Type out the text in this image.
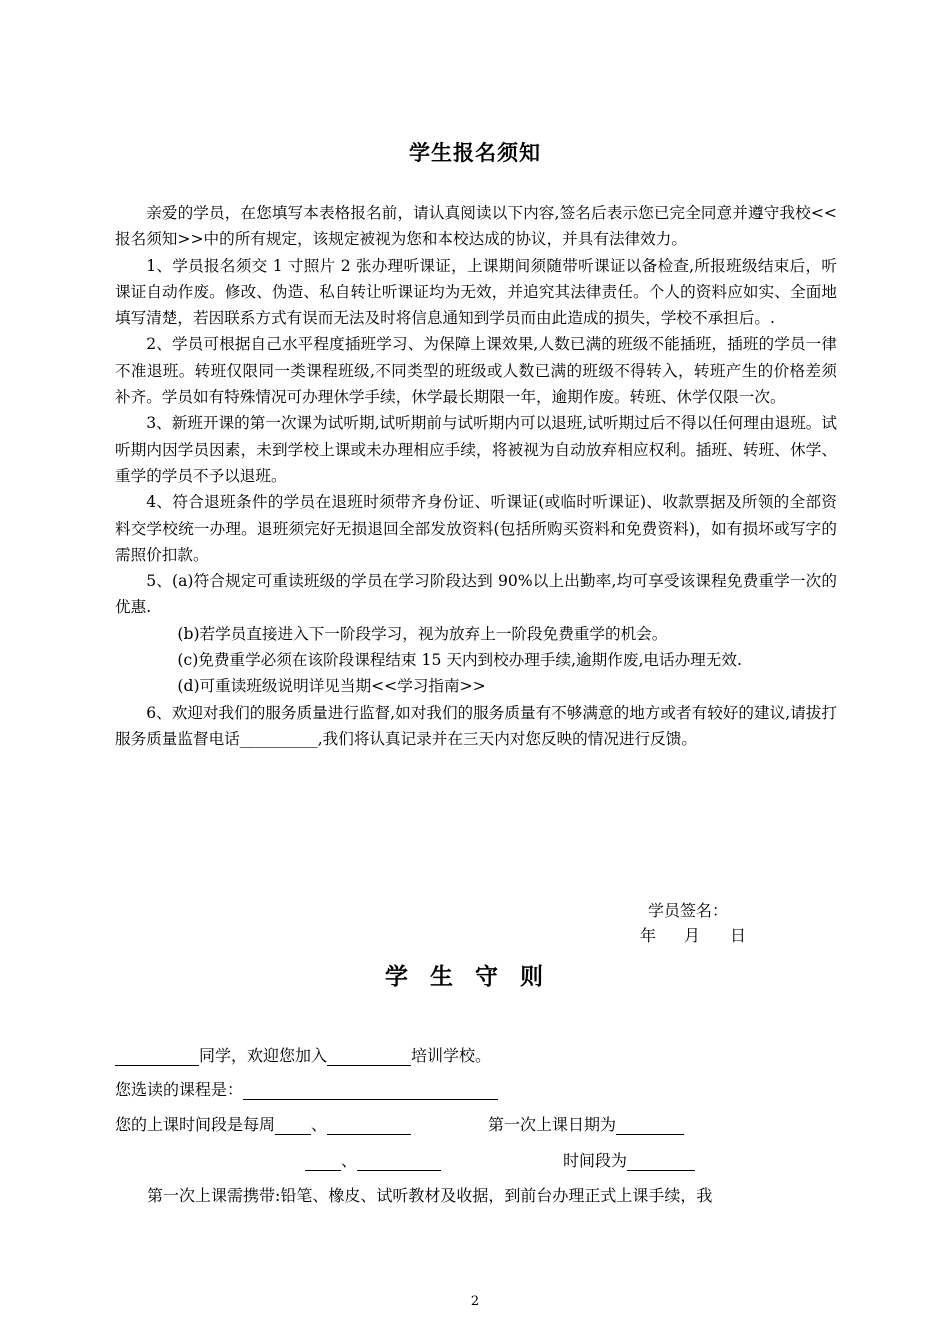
学生报名须知

亲爱的学员，在您填写本表格报名前，请认真阅读以下内容,签名后表示您已完全同意并遵守我校<<报名须知>>中的所有规定，该规定被视为您和本校达成的协议，并具有法律效力。

1、学员报名须交 1 寸照片 2 张办理听课证，上课期间须随带听课证以备检查,所报班级结束后，听课证自动作废。修改、伪造、私自转让听课证均为无效，并追究其法律责任。个人的资料应如实、全面地填写清楚，若因联系方式有误而无法及时将信息通知到学员而由此造成的损失，学校不承担后。.

2、学员可根据自己水平程度插班学习、为保障上课效果,人数已满的班级不能插班，插班的学员一律不准退班。转班仅限同一类课程班级,不同类型的班级或人数已满的班级不得转入，转班产生的价格差须补齐。学员如有特殊情况可办理休学手续，休学最长期限一年，逾期作废。转班、休学仅限一次。

3、新班开课的第一次课为试听期,试听期前与试听期内可以退班,试听期过后不得以任何理由退班。试听期内因学员因素，未到学校上课或未办理相应手续，将被视为自动放弃相应权利。插班、转班、休学、重学的学员不予以退班。

4、符合退班条件的学员在退班时须带齐身份证、听课证(或临时听课证)、收款票据及所领的全部资料交学校统一办理。退班须完好无损退回全部发放资料(包括所购买资料和免费资料)，如有损坏或写字的需照价扣款。

5、(a)符合规定可重读班级的学员在学习阶段达到 90%以上出勤率,均可享受该课程免费重学一次的优惠.

(b)若学员直接进入下一阶段学习，视为放弃上一阶段免费重学的机会。

(c)免费重学必须在该阶段课程结束 15 天内到校办理手续,逾期作废,电话办理无效.

(d)可重读班级说明详见当期<<学习指南>>

6、欢迎对我们的服务质量进行监督,如对我们的服务质量有不够满意的地方或者有较好的建议,请拔打服务质量监督电话__________,我们将认真记录并在三天内对您反映的情况进行反馈。

学员签名：
年 月 日
学生守则
同学，欢迎您加入	培训学校。
您选读的课程是：
您的上课时间段是每周 、	第一次上课日期为
、	时间段为
第一次上课需携带:铅笔、橡皮、试听教材及收据，到前台办理正式上课手续，我
2
